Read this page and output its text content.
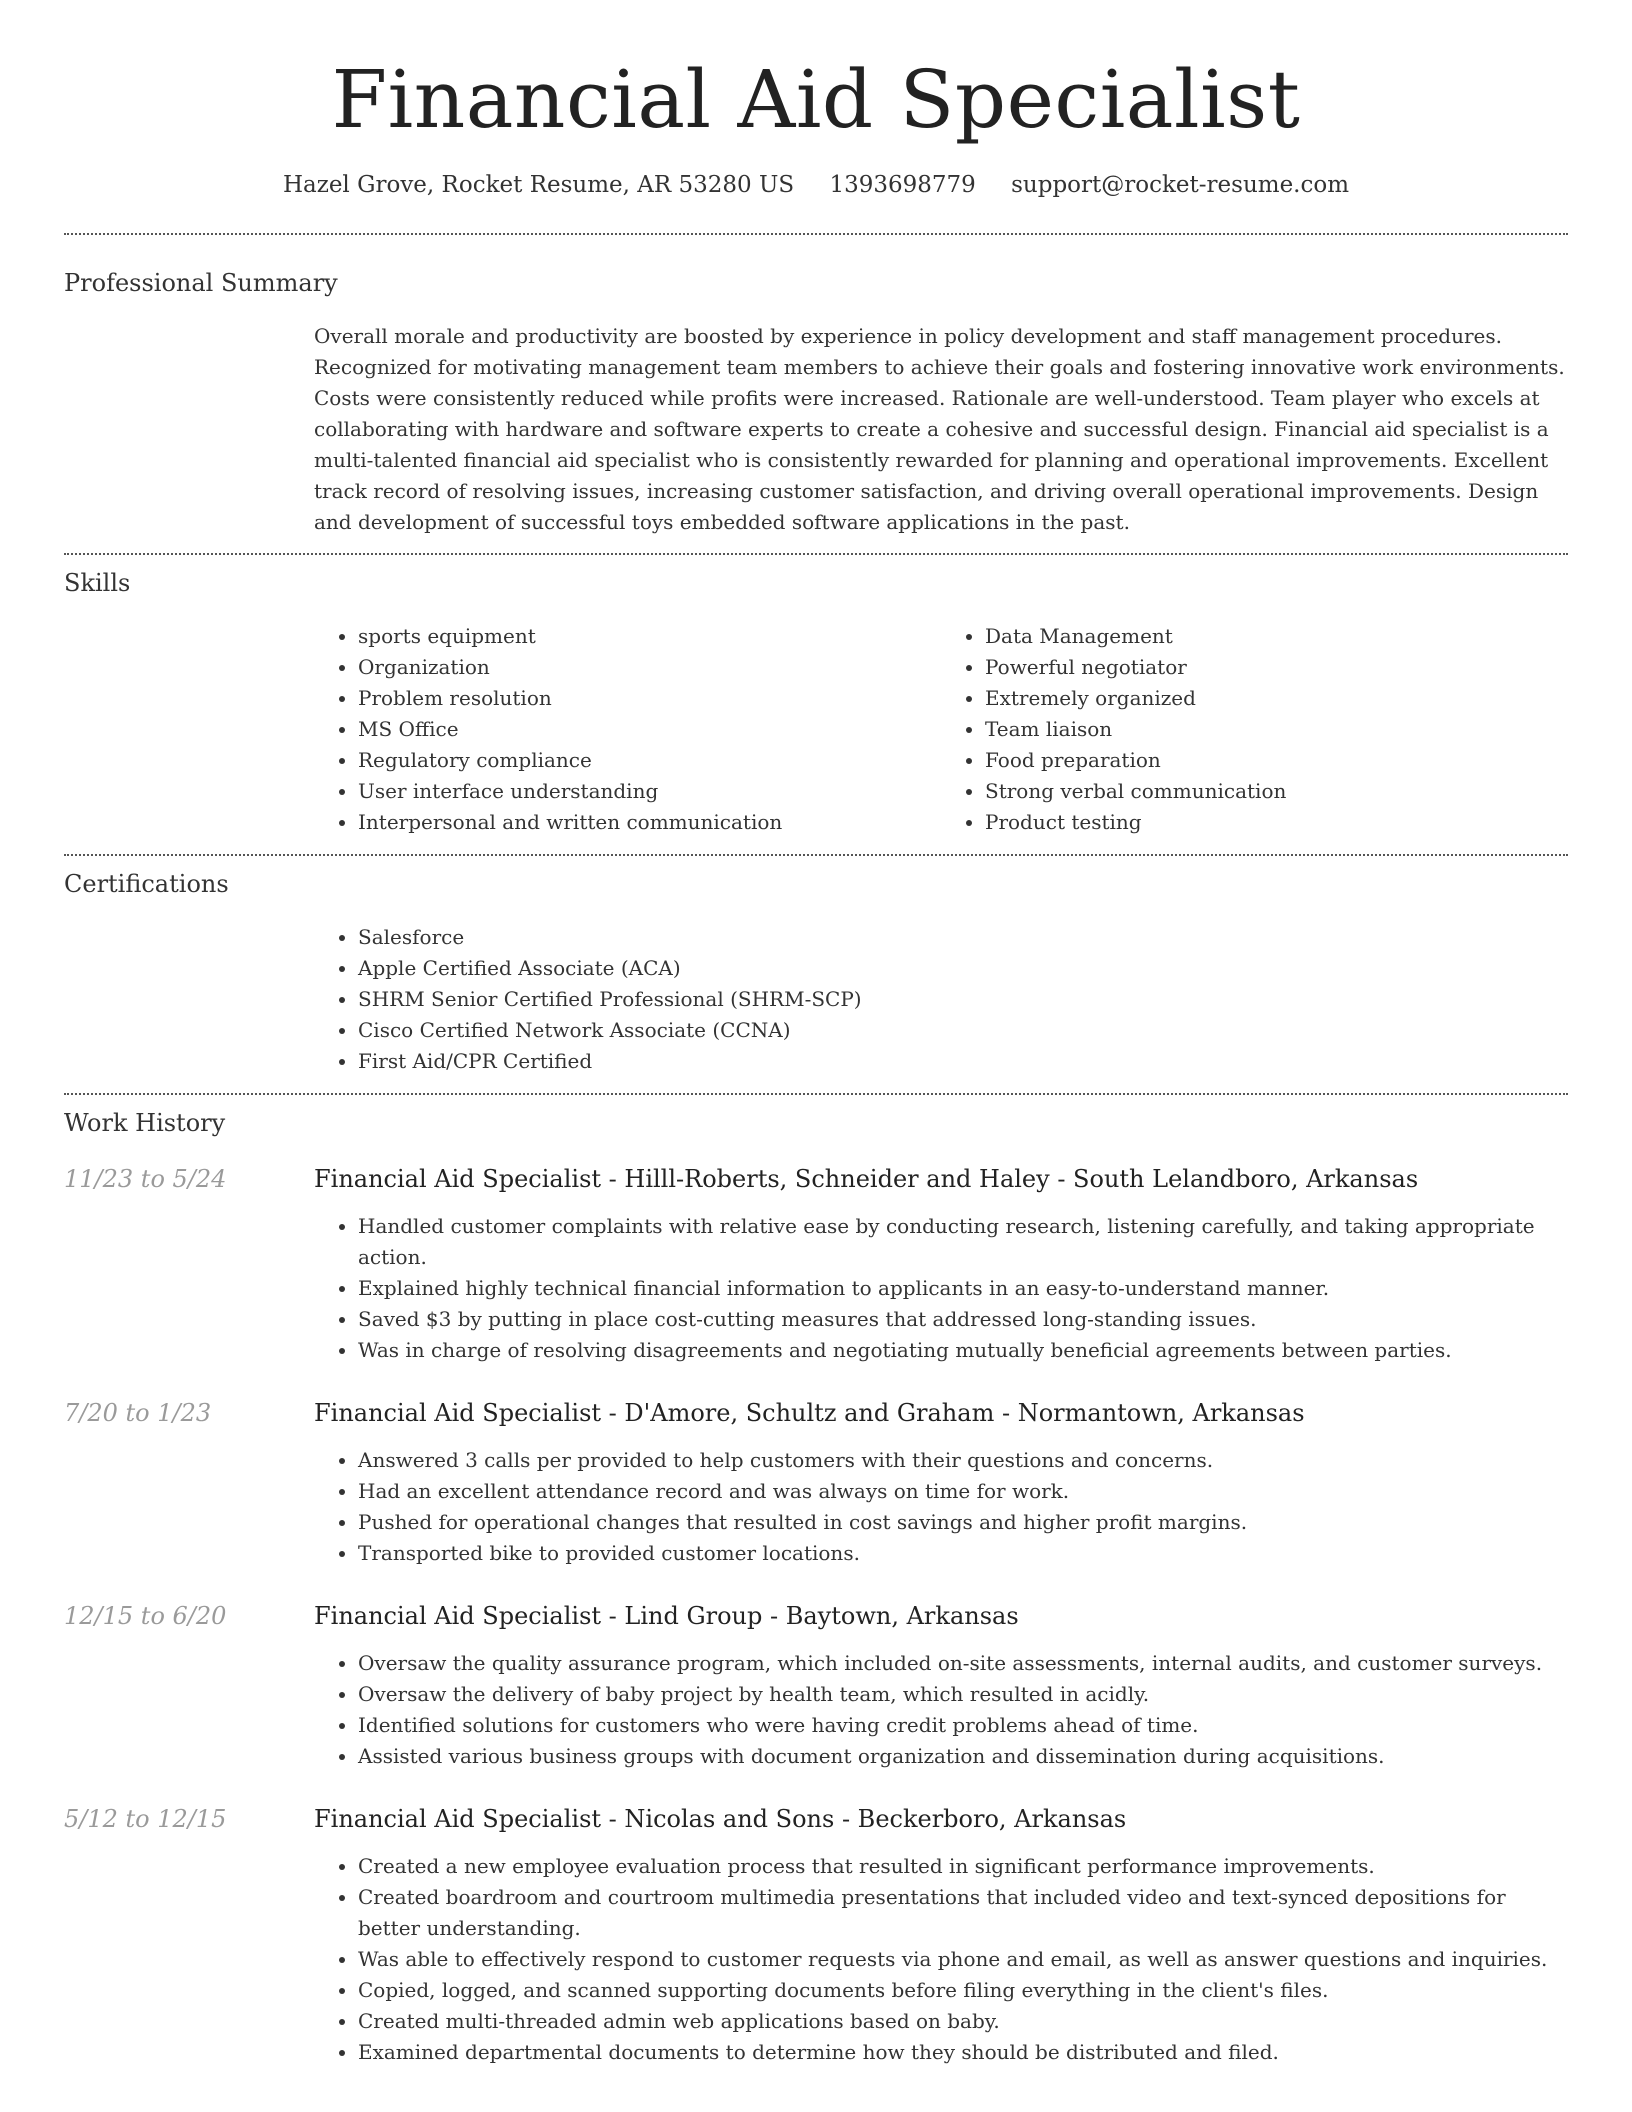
Financial Aid Specialist
Hazel Grove, Rocket Resume, AR 53280 US 1393698779 support@rocket-resume.com
Professional Summary

Overall morale and productivity are boosted by experience in policy development and staff management procedures. Recognized for motivating management team members to achieve their goals and fostering innovative work environments. Costs were consistently reduced while profits were increased. Rationale are well-understood. Team player who excels at collaborating with hardware and software experts to create a cohesive and successful design. Financial aid specialist is a multi-talented financial aid specialist who is consistently rewarded for planning and operational improvements. Excellent track record of resolving issues, increasing customer satisfaction, and driving overall operational improvements. Design and development of successful toys embedded software applications in the past.

Skills
• sports equipment
• Organization
• Problem resolution
• MS Office
• Regulatory compliance
• User interface understanding
• Interpersonal and written communication
• Data Management
• Powerful negotiator
• Extremely organized
• Team liaison
• Food preparation
• Strong verbal communication
• Product testing
Certifications
• Salesforce
• Apple Certified Associate (ACA)
• SHRM Senior Certified Professional (SHRM-SCP)
• Cisco Certified Network Associate (CCNA)
• First Aid/CPR Certified
Work History
11/23 to 5/24	Financial Aid Specialist - Hilll-Roberts, Schneider and Haley - South Lelandboro, Arkansas
• Handled customer complaints with relative ease by conducting research, listening carefully, and taking appropriate action.
• Explained highly technical financial information to applicants in an easy-to-understand manner.
• Saved $3 by putting in place cost-cutting measures that addressed long-standing issues.
• Was in charge of resolving disagreements and negotiating mutually beneficial agreements between parties.
7/20 to 1/23	Financial Aid Specialist - D'Amore, Schultz and Graham - Normantown, Arkansas
• Answered 3 calls per provided to help customers with their questions and concerns.
• Had an excellent attendance record and was always on time for work.
• Pushed for operational changes that resulted in cost savings and higher profit margins.
• Transported bike to provided customer locations.
12/15 to 6/20	Financial Aid Specialist - Lind Group - Baytown, Arkansas
• Oversaw the quality assurance program, which included on-site assessments, internal audits, and customer surveys.
• Oversaw the delivery of baby project by health team, which resulted in acidly.
• Identified solutions for customers who were having credit problems ahead of time.
• Assisted various business groups with document organization and dissemination during acquisitions.
5/12 to 12/15	Financial Aid Specialist - Nicolas and Sons - Beckerboro, Arkansas
• Created a new employee evaluation process that resulted in significant performance improvements.
• Created boardroom and courtroom multimedia presentations that included video and text-synced depositions for better understanding.
• Was able to effectively respond to customer requests via phone and email, as well as answer questions and inquiries.
• Copied, logged, and scanned supporting documents before filing everything in the client's files.
• Created multi-threaded admin web applications based on baby.
• Examined departmental documents to determine how they should be distributed and filed.
